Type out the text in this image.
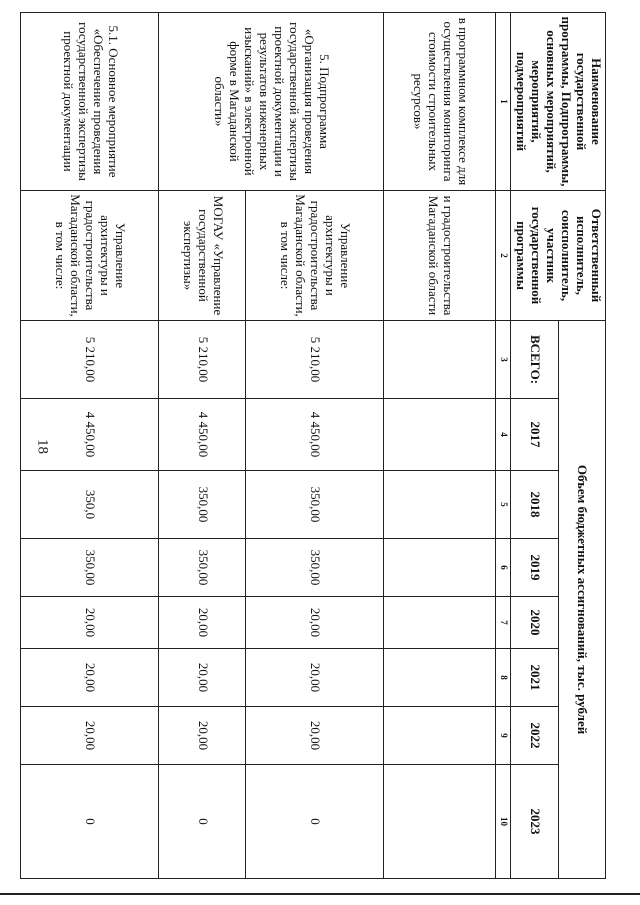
18
Наименование государственной программы, Подпрограммы, основных мероприятий, мероприятий, подмероприятий	Ответственный исполнитель, соисполнитель, участник государственной программы	Объем бюджетных ассигнований, тыс. рублей							
		ВСЕГО:	2017	2018	2019	2020	2021	2022	2023
1	2	3	4	5	6	7	8	9	10
в программном комплексе для осуществления мониторинга стоимости строительных ресурсов»	и градостроительства Магаданской области								
5. Подпрограмма «Организация проведения государственной экспертизы проектной документации и результатов инженерных изысканий» в электронной форме в Магаданской области»	Управление архитектуры и градостроительства Магаданской области, в том числе:	5 210,00	4 450,00	350,00	350,00	20,00	20,00	20,00	0
	МОГАУ «Управление государственной экспертизы»	5 210,00	4 450,00	350,00	350,00	20,00	20,00	20,00	0
5.1. Основное мероприятие «Обеспечение проведения государственной экспертизы проектной документации	Управление архитектуры и градостроительства Магаданской области, в том числе:	5 210,00	4 450,00	350,0	350,00	20,00	20,00	20,00	0
